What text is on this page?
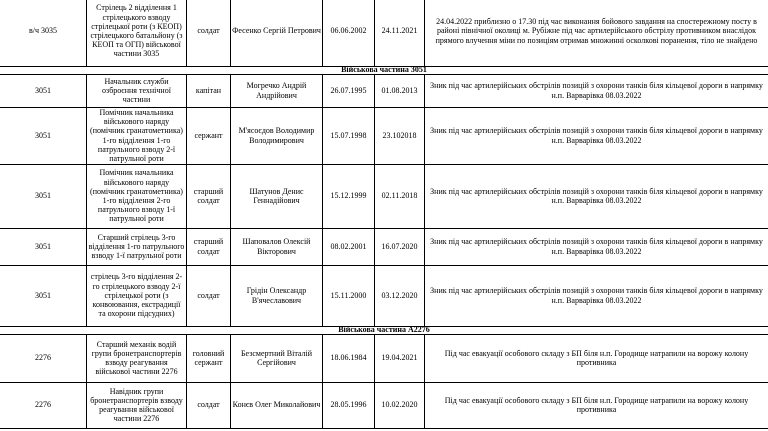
в/ч 3035
Стрілець 2 відділення 1 стрілецького взводу стрілецької роти (з КЕОП) стрілецького батальйону (з КЕОП та ОГП) військової частини 3035
солдат Фесенко Сергій Петрович 06.06.2002 24.11.2021
24.04.2022 приблизно о 17.30 під час виконання бойового завдання на спостережному посту в районі північної околиці м. Рубіжне під час артилерійського обстрілу противником внаслідок прямого влучення міни по позиціям отримав множинні осколкові поранення, тіло не знайдено
Військова частина 3051
3051
Начальник служби озброєння технічної частини
капітан
Могречко Андрій Андрійович
26.07.1995 01.08.2013
Зник під час артилерійських обстрілів позицій з охорони танків біля кільцевої дороги в напрямку н.п. Варварівка 08.03.2022
3051
Помічник начальника військового наряду (помічник гранатометника) 1-го відділення 1-го патрульного взводу 2-ї патрульної роти
сержант
М'ясоєдов Володимир Володимирович
15.07.1998 23.102018
Зник під час артилерійських обстрілів позицій з охорони танків біля кільцевої дороги в напрямку н.п. Варварівка 08.03.2022
3051
Помічник начальника військового наряду (помічник гранатометника) 1-го відділення 2-го патрульного взводу 1-ї патрульної роти
старший солдат
Шатунов Денис Геннадійович
15.12.1999 02.11.2018
Зник під час артилерійських обстрілів позицій з охорони танків біля кільцевої дороги в напрямку н.п. Варварівка 08.03.2022
3051
Старший стрілець 3-го відділення 1-го патрульного взводу 1-ї патрульної роти
старший солдат
Шаповалов Олексій Вікторович
08.02.2001 16.07.2020
Зник під час артилерійських обстрілів позицій з охорони танків біля кільцевої дороги в напрямку н.п. Варварівка 08.03.2022
3051
стрілець 3-го відділення 2-го стрілецького взводу 2-ї стрілецької роти (з конвоювання, екстрадиції та охорони підсудних)
солдат
Грідін Олександр В'ячеславович
15.11.2000 03.12.2020
Зник під час артилерійських обстрілів позицій з охорони танків біля кільцевої дороги в напрямку н.п. Варварівка 08.03.2022
Військова частина А2276
2276
Старший механік водій групи бронетранспортерів взводу реагування військової частини 2276
головний сержант
Безсмертний Віталій Сергійович
18.06.1984 19.04.2021
Під час евакуації особового складу з БП біля н.п. Городище натрапили на ворожу колону противника
2276
Навідник групи бронетранспортерів взводу реагування військової частини 2276
солдат Конєв Олег Миколайович 28.05.1996 10.02.2020
Під час евакуації особового складу з БП біля н.п. Городище натрапили на ворожу колону противника
